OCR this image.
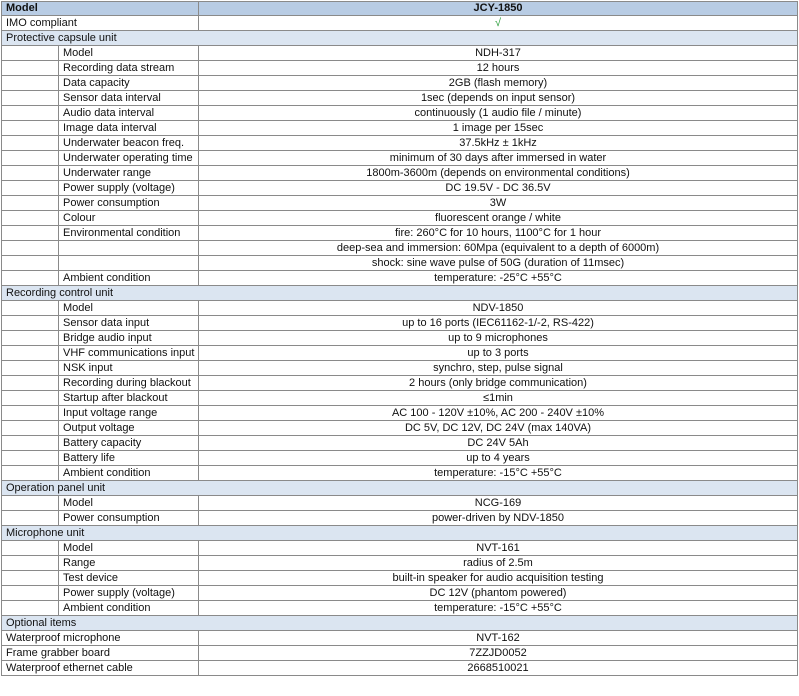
Model		JCY-1850
IMO compliant		√
Protective capsule unit		
	Model	NDH-317
	Recording data stream	12 hours
	Data capacity	2GB (flash memory)
	Sensor data interval	1sec (depends on input sensor)
	Audio data interval	continuously (1 audio file / minute)
	Image data interval	1 image per 15sec
	Underwater beacon freq.	37.5kHz ± 1kHz
	Underwater operating time	minimum of 30 days after immersed in water
	Underwater range	1800m-3600m (depends on environmental conditions)
	Power supply (voltage)	DC 19.5V - DC 36.5V
	Power consumption	3W
	Colour	fluorescent orange / white
	Environmental condition	fire: 260°C for 10 hours, 1100°C for 1 hour
		deep-sea and immersion: 60Mpa (equivalent to a depth of 6000m)
		shock: sine wave pulse of 50G (duration of 11msec)
	Ambient condition	temperature: -25°C +55°C
Recording control unit		
	Model	NDV-1850
	Sensor data input	up to 16 ports (IEC61162-1/-2, RS-422)
	Bridge audio input	up to 9 microphones
	VHF communications input	up to 3 ports
	NSK input	synchro, step, pulse signal
	Recording during blackout	2 hours (only bridge communication)
	Startup after blackout	≤1min
	Input voltage range	AC 100 - 120V ±10%, AC 200 - 240V ±10%
	Output voltage	DC 5V, DC 12V, DC 24V (max 140VA)
	Battery capacity	DC 24V 5Ah
	Battery life	up to 4 years
	Ambient condition	temperature: -15°C +55°C
Operation panel unit		
	Model	NCG-169
	Power consumption	power-driven by NDV-1850
Microphone unit		
	Model	NVT-161
	Range	radius of 2.5m
	Test device	built-in speaker for audio acquisition testing
	Power supply (voltage)	DC 12V (phantom powered)
	Ambient condition	temperature: -15°C +55°C
Optional items		
Waterproof microphone		NVT-162
Frame grabber board		7ZZJD0052
Waterproof ethernet cable		2668510021
